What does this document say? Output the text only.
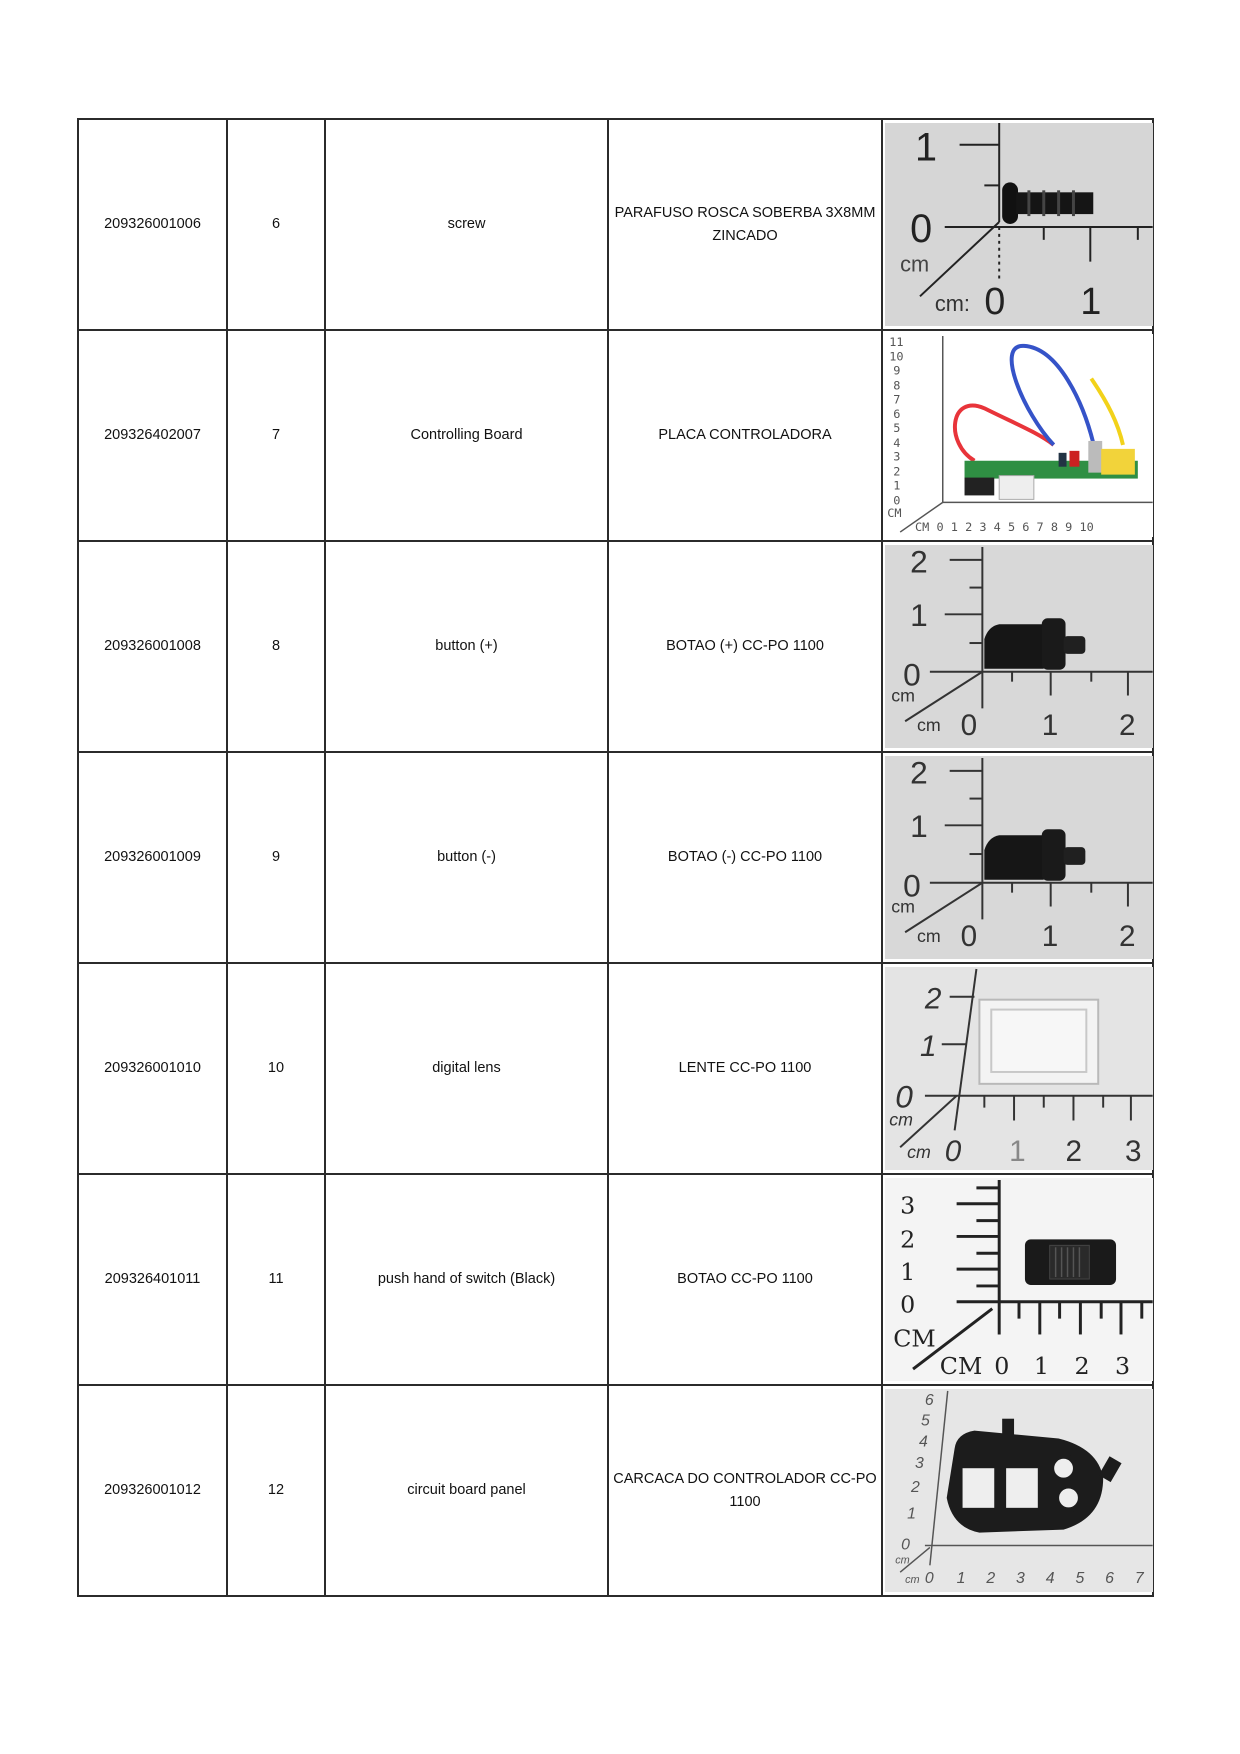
209326001006	6	screw	PARAFUSO ROSCA SOBERBA 3X8MM ZINCADO	
1
0
cm
cm: 0 1

209326402007	7	Controlling Board	PLACA CONTROLADORA	
11
10
9
8
7
6
5
4
3
2
1
0
CM
CM 0 1 2 3 4 5 6 7 8 9 10

209326001008	8	button (+)	BOTAO (+) CC-PO 1100	
2
1
0
cm
cm 0 1 2

209326001009	9	button (-)	BOTAO (-) CC-PO 1100	
2
1
0
cm
cm 0 1 2

209326001010	10	digital lens	LENTE CC-PO 1100	
2
1
0
cm
cm 0 1 2 3

209326401011	11	push hand of switch (Black)	BOTAO CC-PO 1100	
3
2
1
0
CM
CM 0 1 2 3

209326001012	12	circuit board panel	CARCACA DO CONTROLADOR CC-PO 1100	
6
5
4
3
2
1
0
cm
cm 0 1 2 3 4 5 6 7
